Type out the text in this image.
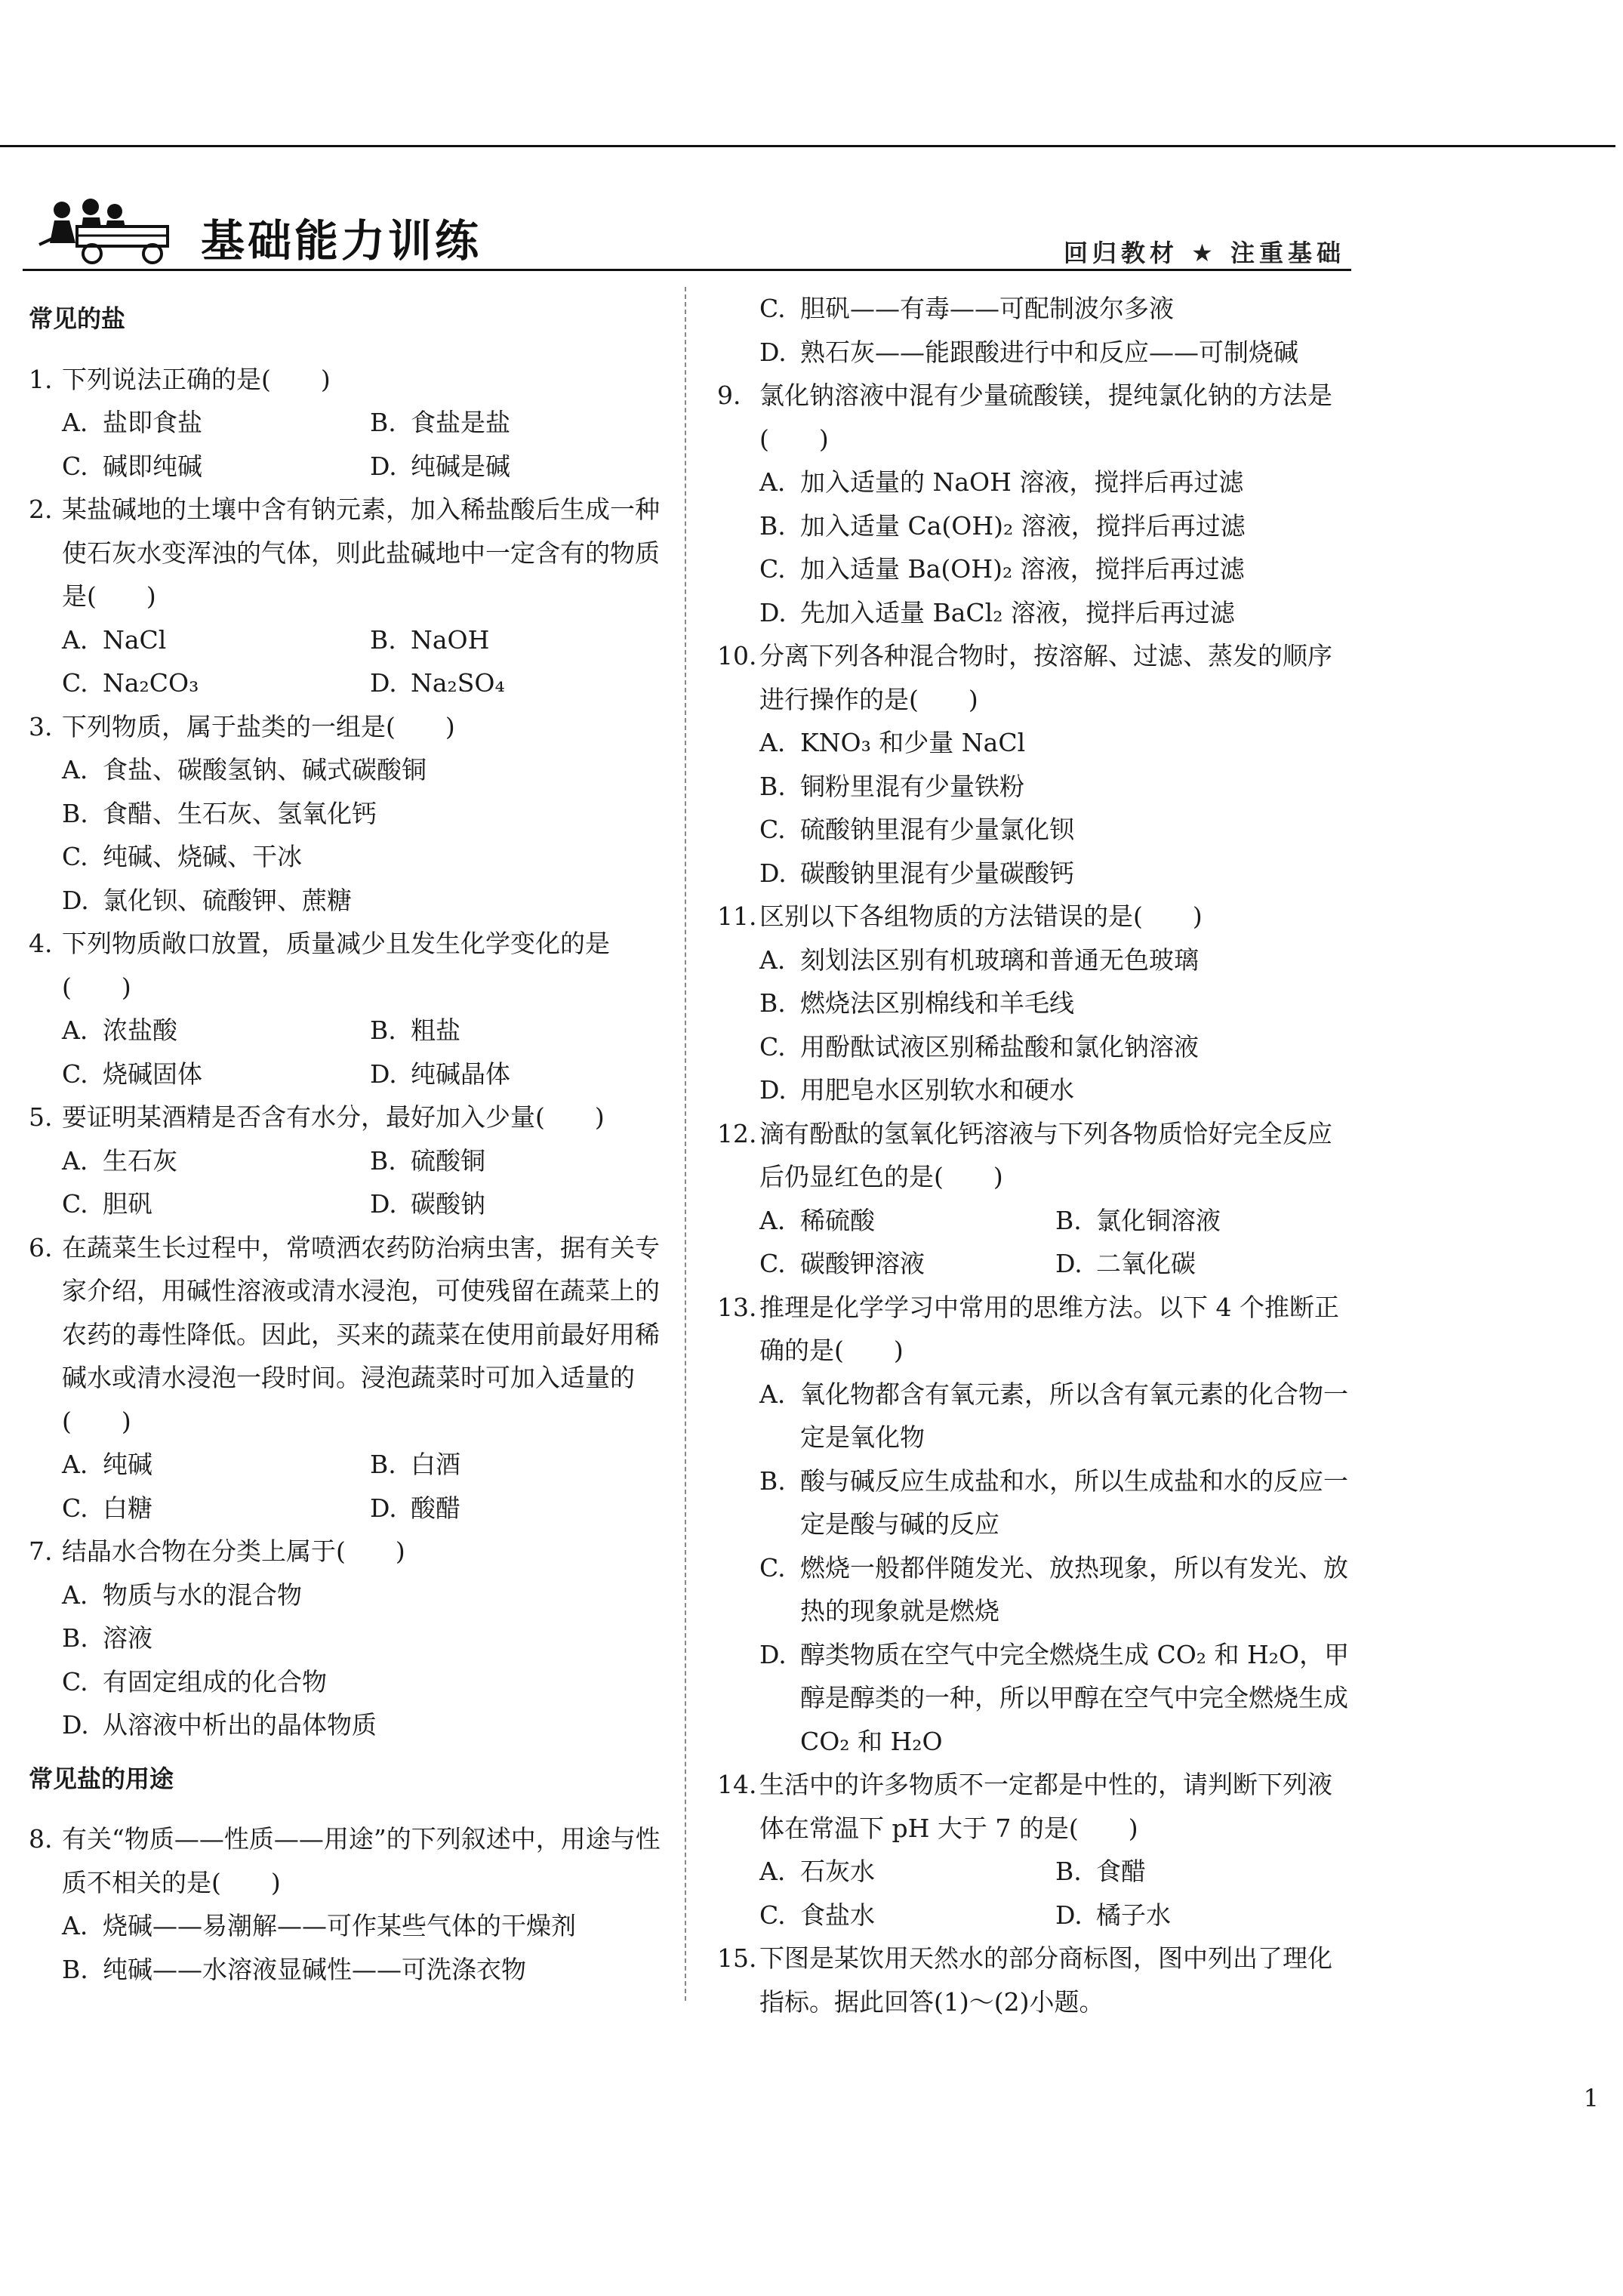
基础能力训练	回归教材 ★ 注重基础
常见的盐
1. 下列说法正确的是(　　)
A. 盐即食盐	B. 食盐是盐
C. 碱即纯碱	D. 纯碱是碱
2. 某盐碱地的土壤中含有钠元素，加入稀盐酸后生成一种使石灰水变浑浊的气体，则此盐碱地中一定含有的物质是(　　)
A. NaCl	B. NaOH
C. Na₂CO₃	D. Na₂SO₄
3. 下列物质，属于盐类的一组是(　　)
A. 食盐、碳酸氢钠、碱式碳酸铜
B. 食醋、生石灰、氢氧化钙
C. 纯碱、烧碱、干冰
D. 氯化钡、硫酸钾、蔗糖
4. 下列物质敞口放置，质量减少且发生化学变化的是(　　)
A. 浓盐酸	B. 粗盐
C. 烧碱固体	D. 纯碱晶体
5. 要证明某酒精是否含有水分，最好加入少量(　　)
A. 生石灰	B. 硫酸铜
C. 胆矾	D. 碳酸钠
6. 在蔬菜生长过程中，常喷洒农药防治病虫害，据有关专家介绍，用碱性溶液或清水浸泡，可使残留在蔬菜上的农药的毒性降低。因此，买来的蔬菜在使用前最好用稀碱水或清水浸泡一段时间。浸泡蔬菜时可加入适量的(　　)
A. 纯碱	B. 白酒
C. 白糖	D. 酸醋
7. 结晶水合物在分类上属于(　　)
A. 物质与水的混合物
B. 溶液
C. 有固定组成的化合物
D. 从溶液中析出的晶体物质
常见盐的用途
8. 有关“物质——性质——用途”的下列叙述中，用途与性质不相关的是(　　)
A. 烧碱——易潮解——可作某些气体的干燥剂
B. 纯碱——水溶液显碱性——可洗涤衣物
C. 胆矾——有毒——可配制波尔多液
D. 熟石灰——能跟酸进行中和反应——可制烧碱
9. 氯化钠溶液中混有少量硫酸镁，提纯氯化钠的方法是(　　)
A. 加入适量的 NaOH 溶液，搅拌后再过滤
B. 加入适量 Ca(OH)₂ 溶液，搅拌后再过滤
C. 加入适量 Ba(OH)₂ 溶液，搅拌后再过滤
D. 先加入适量 BaCl₂ 溶液，搅拌后再过滤
10. 分离下列各种混合物时，按溶解、过滤、蒸发的顺序进行操作的是(　　)
A. KNO₃ 和少量 NaCl
B. 铜粉里混有少量铁粉
C. 硫酸钠里混有少量氯化钡
D. 碳酸钠里混有少量碳酸钙
11. 区别以下各组物质的方法错误的是(　　)
A. 刻划法区别有机玻璃和普通无色玻璃
B. 燃烧法区别棉线和羊毛线
C. 用酚酞试液区别稀盐酸和氯化钠溶液
D. 用肥皂水区别软水和硬水
12. 滴有酚酞的氢氧化钙溶液与下列各物质恰好完全反应后仍显红色的是(　　)
A. 稀硫酸	B. 氯化铜溶液
C. 碳酸钾溶液	D. 二氧化碳
13. 推理是化学学习中常用的思维方法。以下 4 个推断正确的是(　　)
A. 氧化物都含有氧元素，所以含有氧元素的化合物一定是氧化物
B. 酸与碱反应生成盐和水，所以生成盐和水的反应一定是酸与碱的反应
C. 燃烧一般都伴随发光、放热现象，所以有发光、放热的现象就是燃烧
D. 醇类物质在空气中完全燃烧生成 CO₂ 和 H₂O，甲醇是醇类的一种，所以甲醇在空气中完全燃烧生成 CO₂ 和 H₂O
14. 生活中的许多物质不一定都是中性的，请判断下列液体在常温下 pH 大于 7 的是(　　)
A. 石灰水	B. 食醋
C. 食盐水	D. 橘子水
15. 下图是某饮用天然水的部分商标图，图中列出了理化指标。据此回答(1)～(2)小题。
1
